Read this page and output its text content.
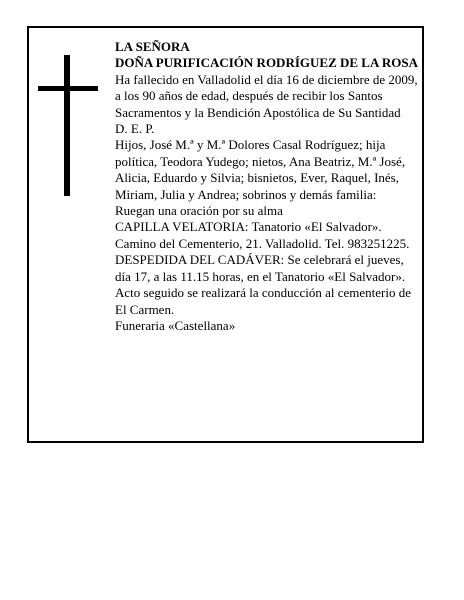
LA SEÑORA

DOÑA PURIFICACIÓN RODRÍGUEZ DE LA ROSA

Ha fallecido en Valladolid el día 16 de diciembre de 2009, a los 90 años de edad, después de recibir los Santos Sacramentos y la Bendición Apostólica de Su Santidad

D. E. P.

Hijos, José M.ª y M.ª Dolores Casal Rodríguez; hija política, Teodora Yudego; nietos, Ana Beatriz, M.ª José, Alicia, Eduardo y Silvia; bisnietos, Ever, Raquel, Inés, Miriam, Julia y Andrea; sobrinos y demás familia:

Ruegan una oración por su alma

CAPILLA VELATORIA: Tanatorio «El Salvador». Camino del Cementerio, 21. Valladolid. Tel. 983251225.

DESPEDIDA DEL CADÁVER: Se celebrará el jueves, día 17, a las 11.15 horas, en el Tanatorio «El Salvador». Acto seguido se realizará la conducción al cementerio de El Carmen.

Funeraria «Castellana»
